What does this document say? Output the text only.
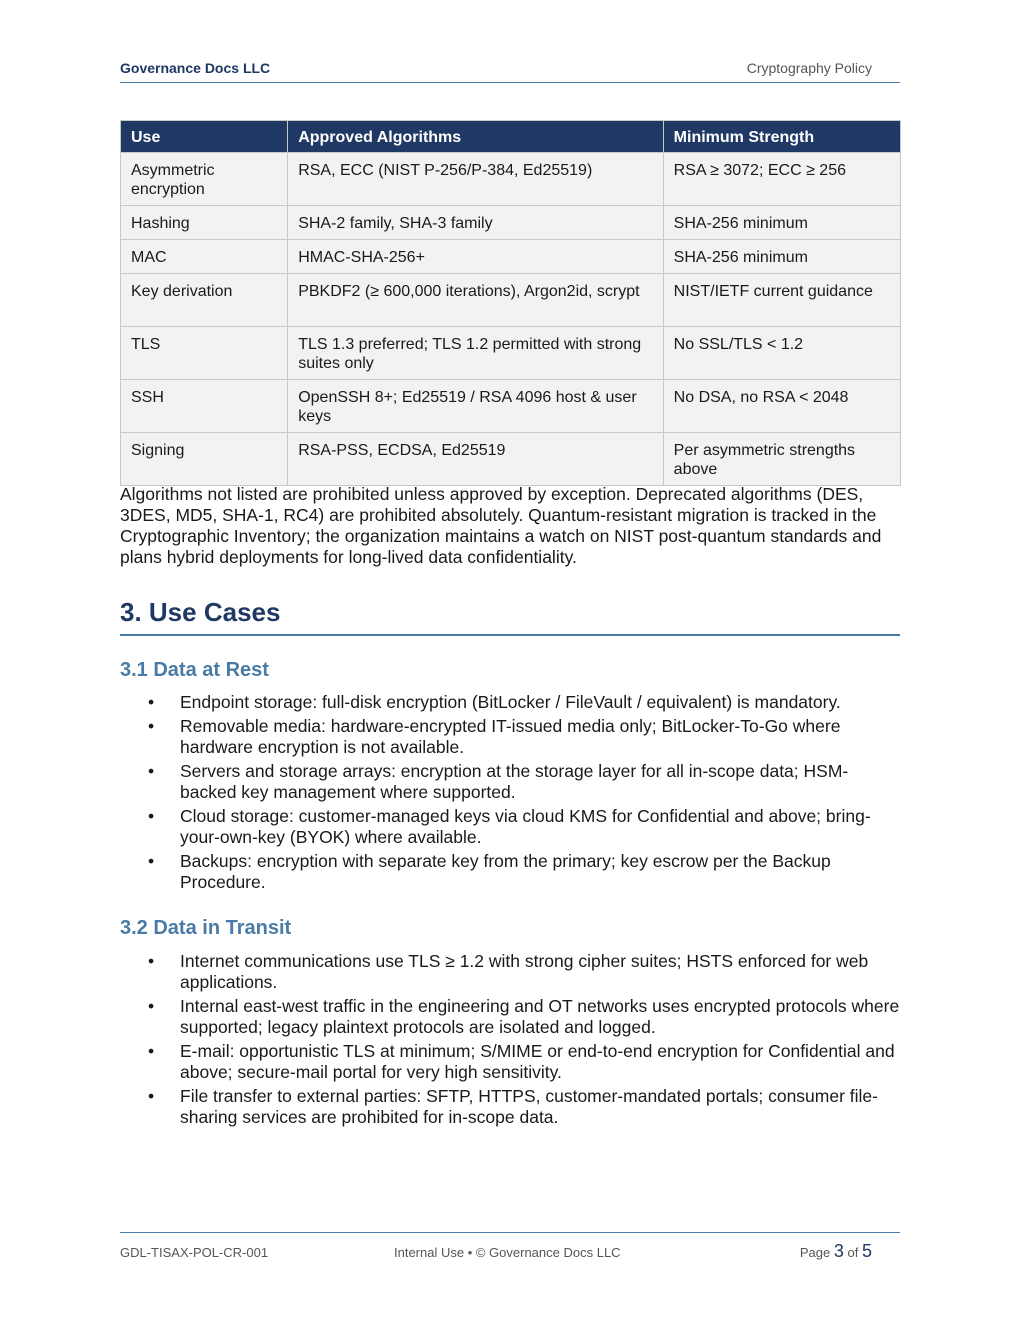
Governance Docs LLC	Cryptography Policy
Use	Approved Algorithms	Minimum Strength
Asymmetric encryption	RSA, ECC (NIST P-256/P-384, Ed25519)	RSA ≥ 3072; ECC ≥ 256
Hashing	SHA-2 family, SHA-3 family	SHA-256 minimum
MAC	HMAC-SHA-256+	SHA-256 minimum
Key derivation	PBKDF2 (≥ 600,000 iterations), Argon2id, scrypt	NIST/IETF current guidance
TLS	TLS 1.3 preferred; TLS 1.2 permitted with strong suites only	No SSL/TLS < 1.2
SSH	OpenSSH 8+; Ed25519 / RSA 4096 host & user keys	No DSA, no RSA < 2048
Signing	RSA-PSS, ECDSA, Ed25519	Per asymmetric strengths above

Algorithms not listed are prohibited unless approved by exception. Deprecated algorithms (DES, 3DES, MD5, SHA-1, RC4) are prohibited absolutely. Quantum-resistant migration is tracked in the Cryptographic Inventory; the organization maintains a watch on NIST post-quantum standards and plans hybrid deployments for long-lived data confidentiality.

3. Use Cases
3.1 Data at Rest
• Endpoint storage: full-disk encryption (BitLocker / FileVault / equivalent) is mandatory.
• Removable media: hardware-encrypted IT-issued media only; BitLocker-To-Go where hardware encryption is not available.
• Servers and storage arrays: encryption at the storage layer for all in-scope data; HSM-backed key management where supported.
• Cloud storage: customer-managed keys via cloud KMS for Confidential and above; bring-your-own-key (BYOK) where available.
• Backups: encryption with separate key from the primary; key escrow per the Backup Procedure.
3.2 Data in Transit
• Internet communications use TLS ≥ 1.2 with strong cipher suites; HSTS enforced for web applications.
• Internal east-west traffic in the engineering and OT networks uses encrypted protocols where supported; legacy plaintext protocols are isolated and logged.
• E-mail: opportunistic TLS at minimum; S/MIME or end-to-end encryption for Confidential and above; secure-mail portal for very high sensitivity.
• File transfer to external parties: SFTP, HTTPS, customer-mandated portals; consumer file-sharing services are prohibited for in-scope data.
GDL-TISAX-POL-CR-001	Internal Use • © Governance Docs LLC	Page 3 of 5
